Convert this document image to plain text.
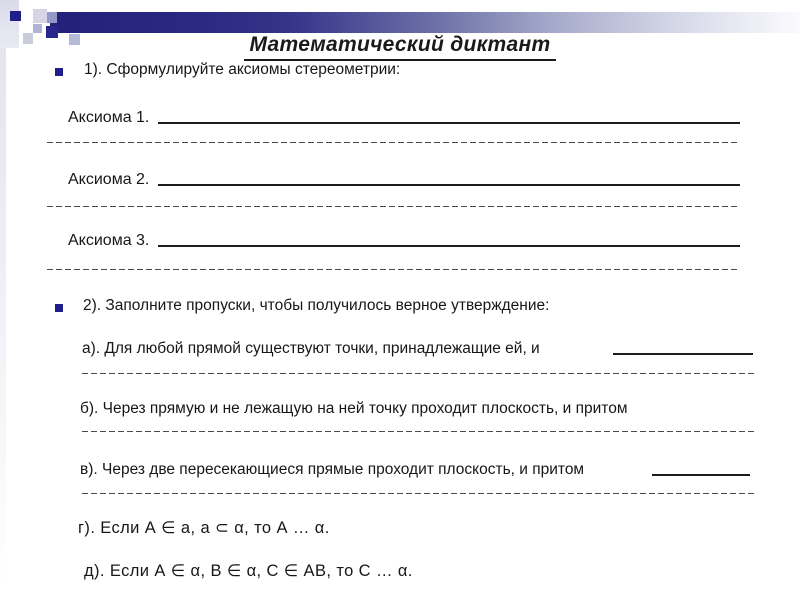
Математический диктант
1). Сформулируйте аксиомы стереометрии:
Аксиома 1.
Аксиома 2.
Аксиома 3.
2). Заполните пропуски, чтобы получилось верное утверждение:
а). Для любой прямой существуют точки, принадлежащие ей, и
б). Через прямую и не лежащую на ней точку проходит плоскость, и притом
в). Через две пересекающиеся прямые проходит плоскость, и притом
г). Если А ∈ а, а ⊂ α, то А … α.
д). Если А ∈ α, В ∈ α, С ∈ АВ, то С … α.
